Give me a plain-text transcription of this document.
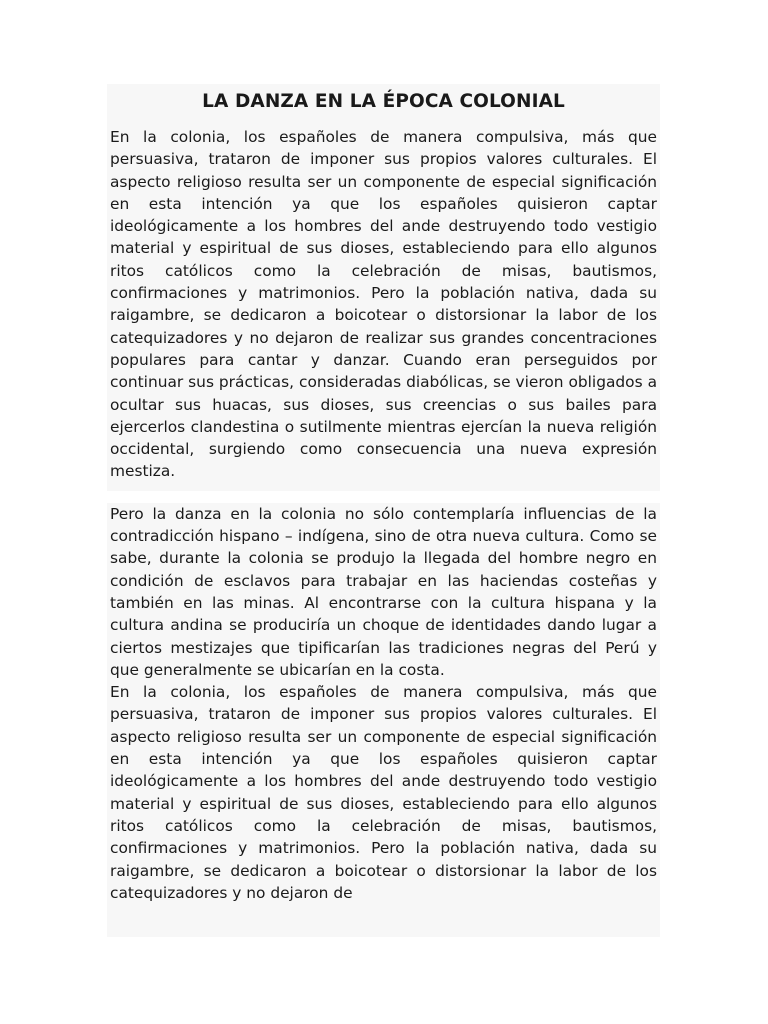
LA DANZA EN LA ÉPOCA COLONIAL

En la colonia, los españoles de manera compulsiva, más que persuasiva, trataron de imponer sus propios valores culturales. El aspecto religioso resulta ser un componente de especial significación en esta intención ya que los españoles quisieron captar ideológicamente a los hombres del ande destruyendo todo vestigio material y espiritual de sus dioses, estableciendo para ello algunos ritos católicos como la celebración de misas, bautismos, confirmaciones y matrimonios. Pero la población nativa, dada su raigambre, se dedicaron a boicotear o distorsionar la labor de los catequizadores y no dejaron de realizar sus grandes concentraciones populares para cantar y danzar. Cuando eran perseguidos por continuar sus prácticas, consideradas diabólicas, se vieron obligados a ocultar sus huacas, sus dioses, sus creencias o sus bailes para ejercerlos clandestina o sutilmente mientras ejercían la nueva religión occidental, surgiendo como consecuencia una nueva expresión mestiza.

Pero la danza en la colonia no sólo contemplaría influencias de la contradicción hispano – indígena, sino de otra nueva cultura. Como se sabe, durante la colonia se produjo la llegada del hombre negro en condición de esclavos para trabajar en las haciendas costeñas y también en las minas. Al encontrarse con la cultura hispana y la cultura andina se produciría un choque de identidades dando lugar a ciertos mestizajes que tipificarían las tradiciones negras del Perú y que generalmente se ubicarían en la costa.

En la colonia, los españoles de manera compulsiva, más que persuasiva, trataron de imponer sus propios valores culturales. El aspecto religioso resulta ser un componente de especial significación en esta intención ya que los españoles quisieron captar ideológicamente a los hombres del ande destruyendo todo vestigio material y espiritual de sus dioses, estableciendo para ello algunos ritos católicos como la celebración de misas, bautismos, confirmaciones y matrimonios. Pero la población nativa, dada su raigambre, se dedicaron a boicotear o distorsionar la labor de los catequizadores y no dejaron de
